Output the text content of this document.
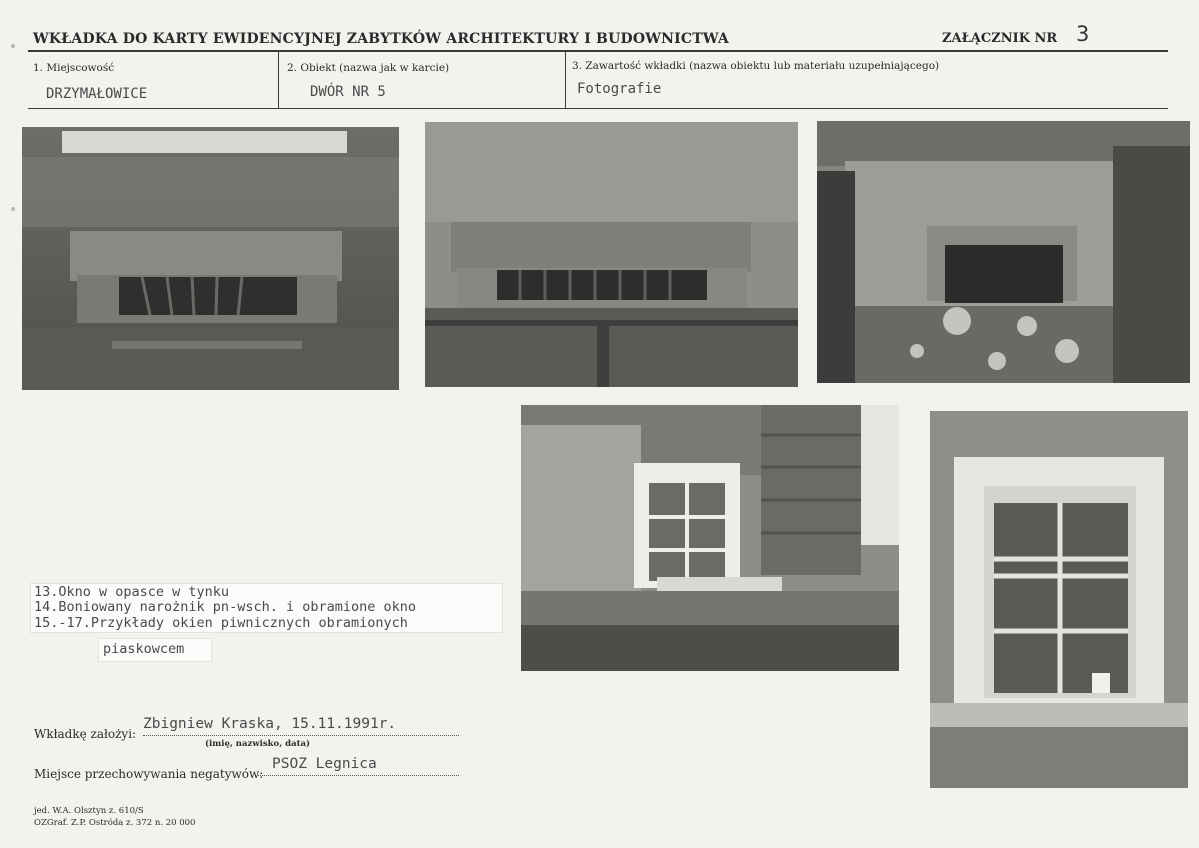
WKŁADKA DO KARTY EWIDENCYJNEJ ZABYTKÓW ARCHITEKTURY I BUDOWNICTWA	ZAŁĄCZNIK NR 3
1. Miejscowość
DRZYMAŁOWICE
2. Obiekt (nazwa jak w karcie)
DWÓR NR 5
3. Zawartość wkładki (nazwa obiektu lub materiału uzupełniającego)
Fotografie
13.Okno w opasce w tynku
14.Boniowany narożnik pn-wsch. i obramione okno
15.-17.Przykłady okien piwnicznych obramionych
piaskowcem
Wkładkę założyi:
Zbigniew Kraska, 15.11.1991r.
(imię, nazwisko, data)
Miejsce przechowywania negatywów:
PSOZ Legnica
jed. W.A. Olsztyn z. 610/S
OZGraf. Z.P. Ostróda z. 372 n. 20 000
